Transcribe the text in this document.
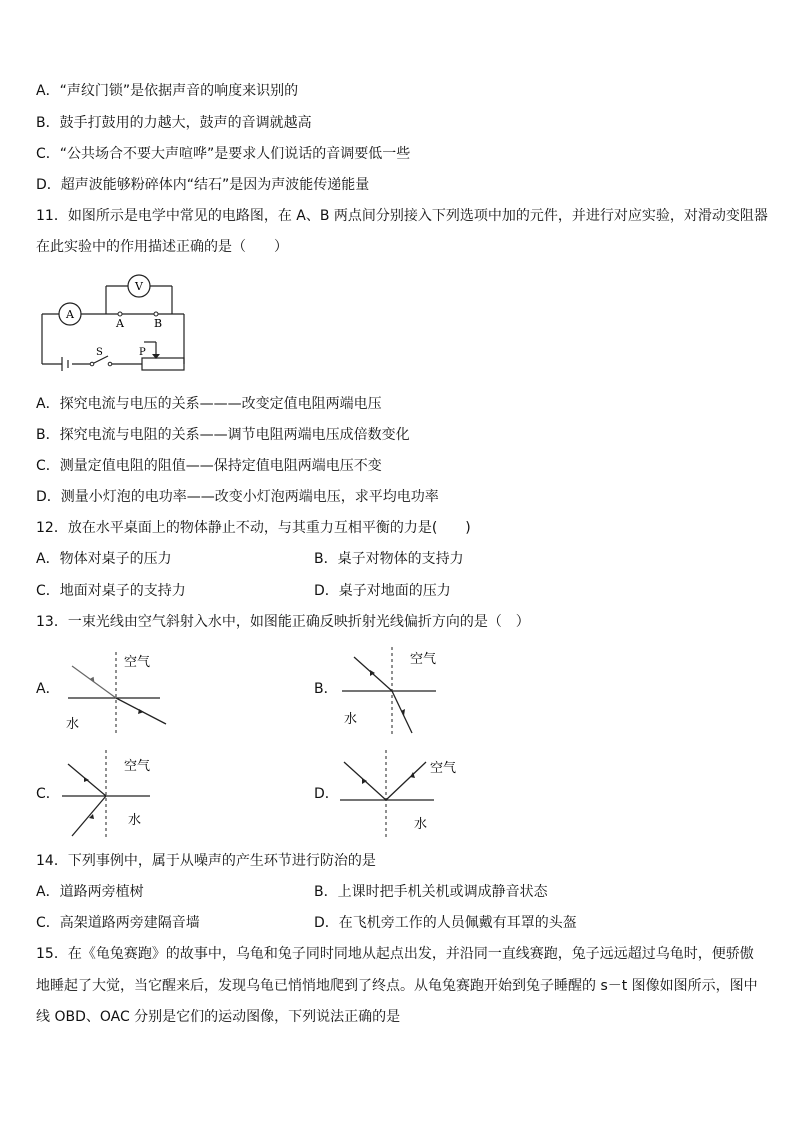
A．“声纹门锁”是依据声音的响度来识别的
B．鼓手打鼓用的力越大，鼓声的音调就越高
C．“公共场合不要大声喧哗”是要求人们说话的音调要低一些
D．超声波能够粉碎体内“结石”是因为声波能传递能量
11．如图所示是电学中常见的电路图，在 A、B 两点间分别接入下列选项中加的元件，并进行对应实验，对滑动变阻器
在此实验中的作用描述正确的是（　　）
A
V
A	B
S	P
A．探究电流与电压的关系———改变定值电阻两端电压
B．探究电流与电阻的关系——调节电阻两端电压成倍数变化
C．测量定值电阻的阻值——保持定值电阻两端电压不变
D．测量小灯泡的电功率——改变小灯泡两端电压，求平均电功率
12．放在水平桌面上的物体静止不动，与其重力互相平衡的力是(　　)
A．物体对桌子的压力	B．桌子对物体的支持力
C．地面对桌子的支持力	D．桌子对地面的压力
13．一束光线由空气斜射入水中，如图能正确反映折射光线偏折方向的是（　）
A．
空气
水
B．
空气
水
C．
空气
水
D．
空气
水
14．下列事例中，属于从噪声的产生环节进行防治的是
A．道路两旁植树	B．上课时把手机关机或调成静音状态
C．高架道路两旁建隔音墙	D．在飞机旁工作的人员佩戴有耳罩的头盔
15．在《龟兔赛跑》的故事中，乌龟和兔子同时同地从起点出发，并沿同一直线赛跑，兔子远远超过乌龟时，便骄傲
地睡起了大觉，当它醒来后，发现乌龟已悄悄地爬到了终点。从龟兔赛跑开始到兔子睡醒的 s－t 图像如图所示，图中
线 OBD、OAC 分别是它们的运动图像，下列说法正确的是
